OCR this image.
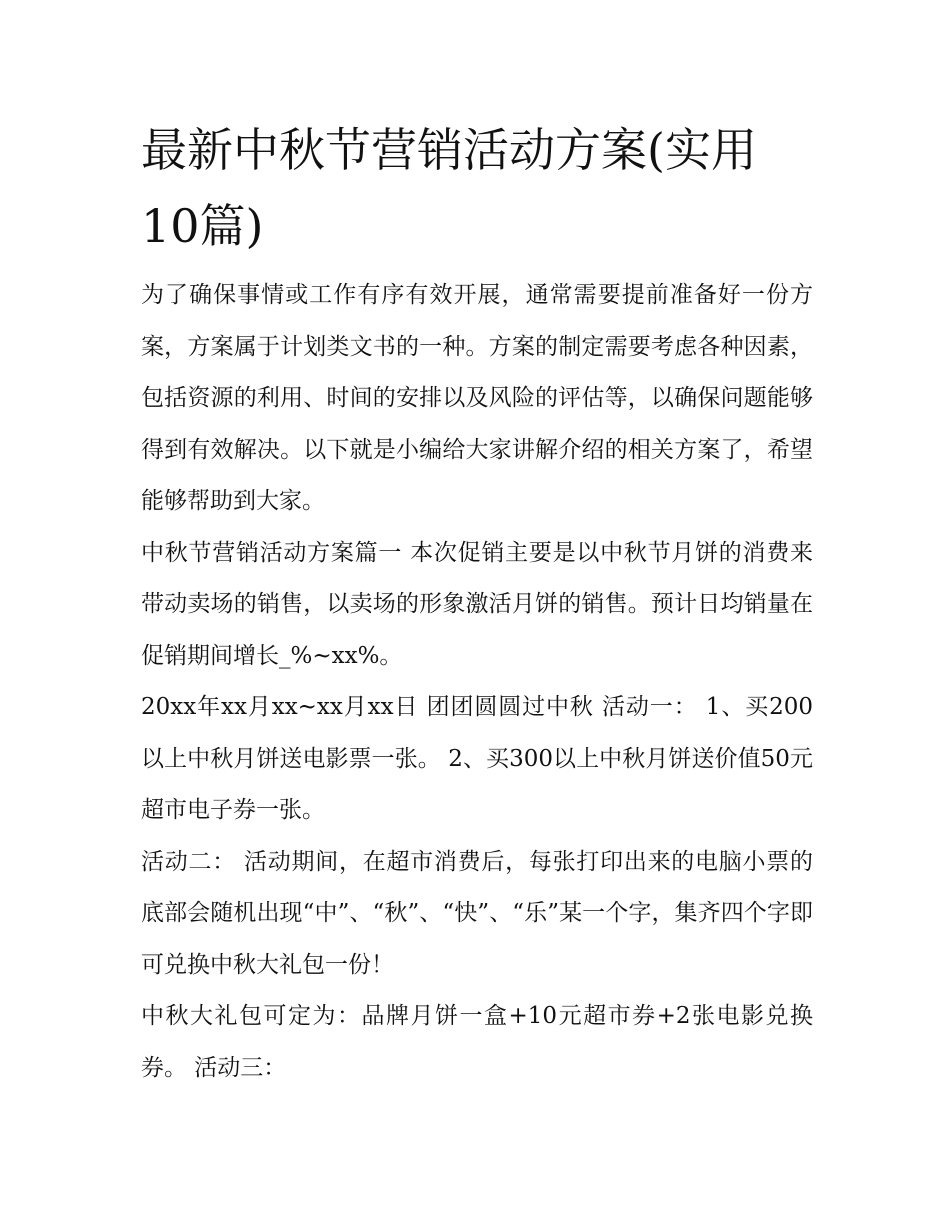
最新中秋节营销活动方案(实用10篇)

为了确保事情或工作有序有效开展，通常需要提前准备好一份方案，方案属于计划类文书的一种。方案的制定需要考虑各种因素，包括资源的利用、时间的安排以及风险的评估等，以确保问题能够得到有效解决。以下就是小编给大家讲解介绍的相关方案了，希望能够帮助到大家。

中秋节营销活动方案篇一 本次促销主要是以中秋节月饼的消费来带动卖场的销售，以卖场的形象激活月饼的销售。预计日均销量在促销期间增长_%~xx%。

20xx年xx月xx~xx月xx日 团团圆圆过中秋 活动一： 1、买200以上中秋月饼送电影票一张。 2、买300以上中秋月饼送价值50元超市电子券一张。

活动二： 活动期间，在超市消费后，每张打印出来的电脑小票的底部会随机出现“中”、“秋”、“快”、“乐”某一个字，集齐四个字即可兑换中秋大礼包一份！

中秋大礼包可定为：品牌月饼一盒+10元超市券+2张电影兑换券。 活动三：
